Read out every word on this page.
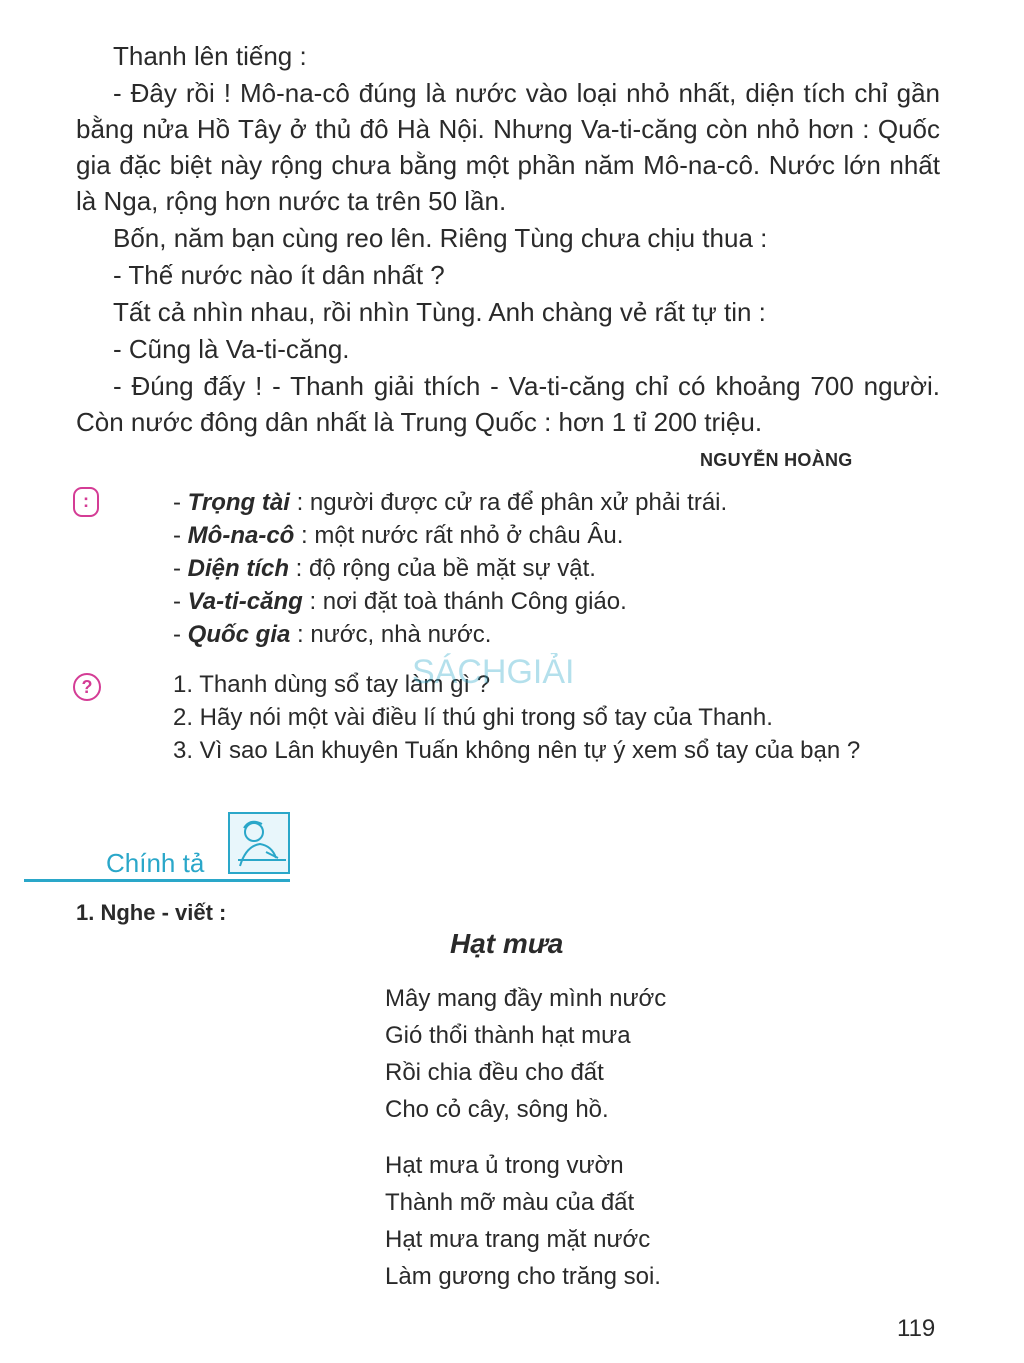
Thanh lên tiếng :

- Đây rồi ! Mô-na-cô đúng là nước vào loại nhỏ nhất, diện tích chỉ gần bằng nửa Hồ Tây ở thủ đô Hà Nội. Nhưng Va-ti-căng còn nhỏ hơn : Quốc gia đặc biệt này rộng chưa bằng một phần năm Mô-na-cô. Nước lớn nhất là Nga, rộng hơn nước ta trên 50 lần.

Bốn, năm bạn cùng reo lên. Riêng Tùng chưa chịu thua :

- Thế nước nào ít dân nhất ?

Tất cả nhìn nhau, rồi nhìn Tùng. Anh chàng vẻ rất tự tin :

- Cũng là Va-ti-căng.

- Đúng đấy ! - Thanh giải thích - Va-ti-căng chỉ có khoảng 700 người. Còn nước đông dân nhất là Trung Quốc : hơn 1 tỉ 200 triệu.

NGUYỄN HOÀNG
:	- Trọng tài : người được cử ra để phân xử phải trái.
- Mô-na-cô : một nước rất nhỏ ở châu Âu.
- Diện tích : độ rộng của bề mặt sự vật.
- Va-ti-căng : nơi đặt toà thánh Công giáo.
- Quốc gia : nước, nhà nước.
?	1. Thanh dùng sổ tay làm gì ?
2. Hãy nói một vài điều lí thú ghi trong sổ tay của Thanh.
3. Vì sao Lân khuyên Tuấn không nên tự ý xem sổ tay của bạn ?
SÁCHGIẢI
Chính tả
1. Nghe - viết :
Hạt mưa
Mây mang đầy mình nước
Gió thổi thành hạt mưa
Rồi chia đều cho đất
Cho cỏ cây, sông hồ.
Hạt mưa ủ trong vườn
Thành mỡ màu của đất
Hạt mưa trang mặt nước
Làm gương cho trăng soi.
119
